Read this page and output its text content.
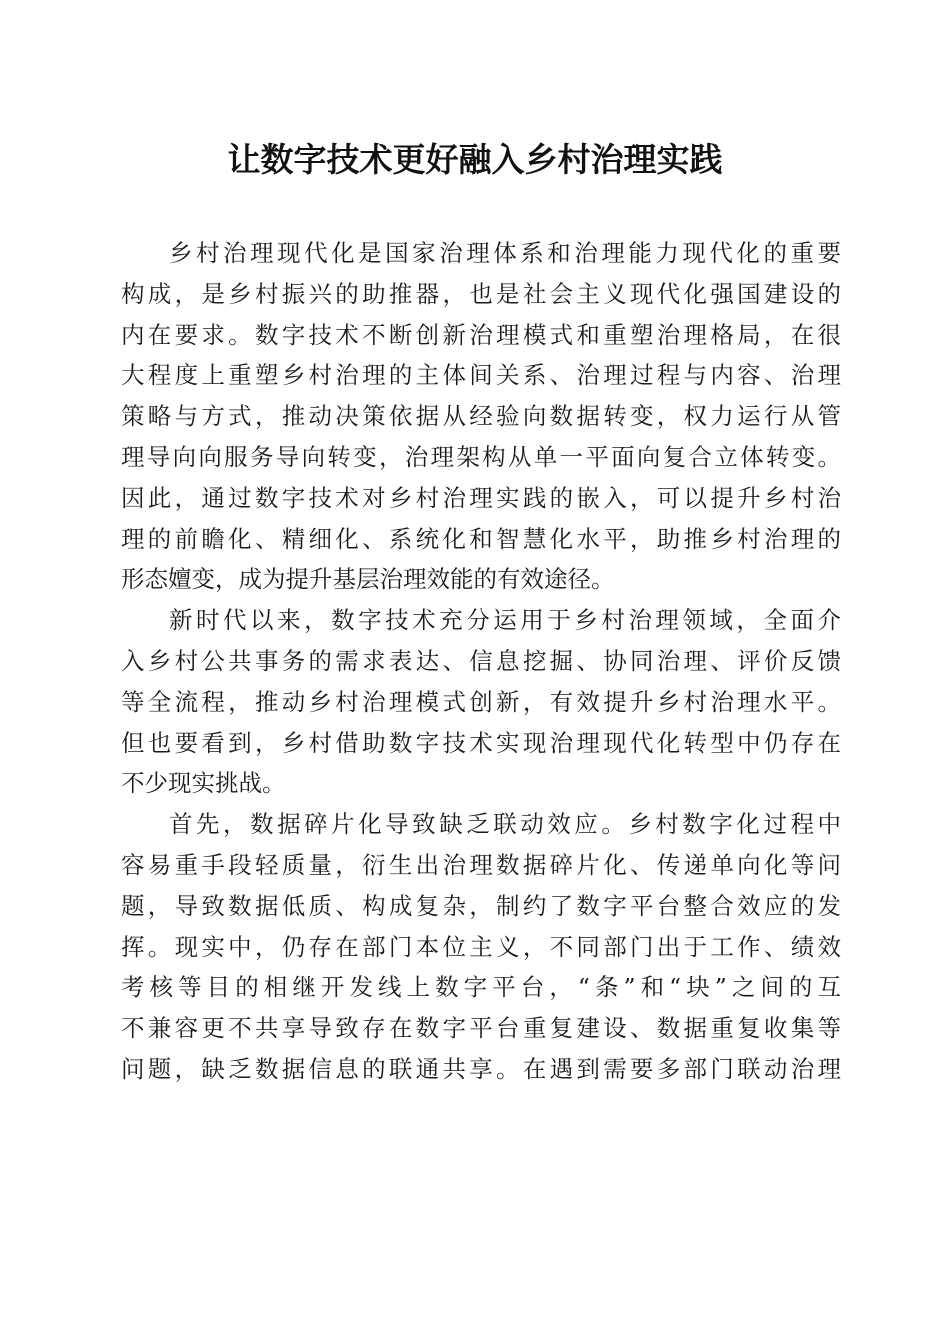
让数字技术更好融入乡村治理实践
乡村治理现代化是国家治理体系和治理能力现代化的重要
构成，是乡村振兴的助推器，也是社会主义现代化强国建设的
内在要求。数字技术不断创新治理模式和重塑治理格局，在很
大程度上重塑乡村治理的主体间关系、治理过程与内容、治理
策略与方式，推动决策依据从经验向数据转变，权力运行从管
理导向向服务导向转变，治理架构从单一平面向复合立体转变。
因此，通过数字技术对乡村治理实践的嵌入，可以提升乡村治
理的前瞻化、精细化、系统化和智慧化水平，助推乡村治理的
形态嬗变，成为提升基层治理效能的有效途径。
新时代以来，数字技术充分运用于乡村治理领域，全面介
入乡村公共事务的需求表达、信息挖掘、协同治理、评价反馈
等全流程，推动乡村治理模式创新，有效提升乡村治理水平。
但也要看到，乡村借助数字技术实现治理现代化转型中仍存在
不少现实挑战。
首先，数据碎片化导致缺乏联动效应。乡村数字化过程中
容易重手段轻质量，衍生出治理数据碎片化、传递单向化等问
题，导致数据低质、构成复杂，制约了数字平台整合效应的发
挥。现实中，仍存在部门本位主义，不同部门出于工作、绩效
考核等目的相继开发线上数字平台，“条”和“块”之间的互
不兼容更不共享导致存在数字平台重复建设、数据重复收集等
问题，缺乏数据信息的联通共享。在遇到需要多部门联动治理
